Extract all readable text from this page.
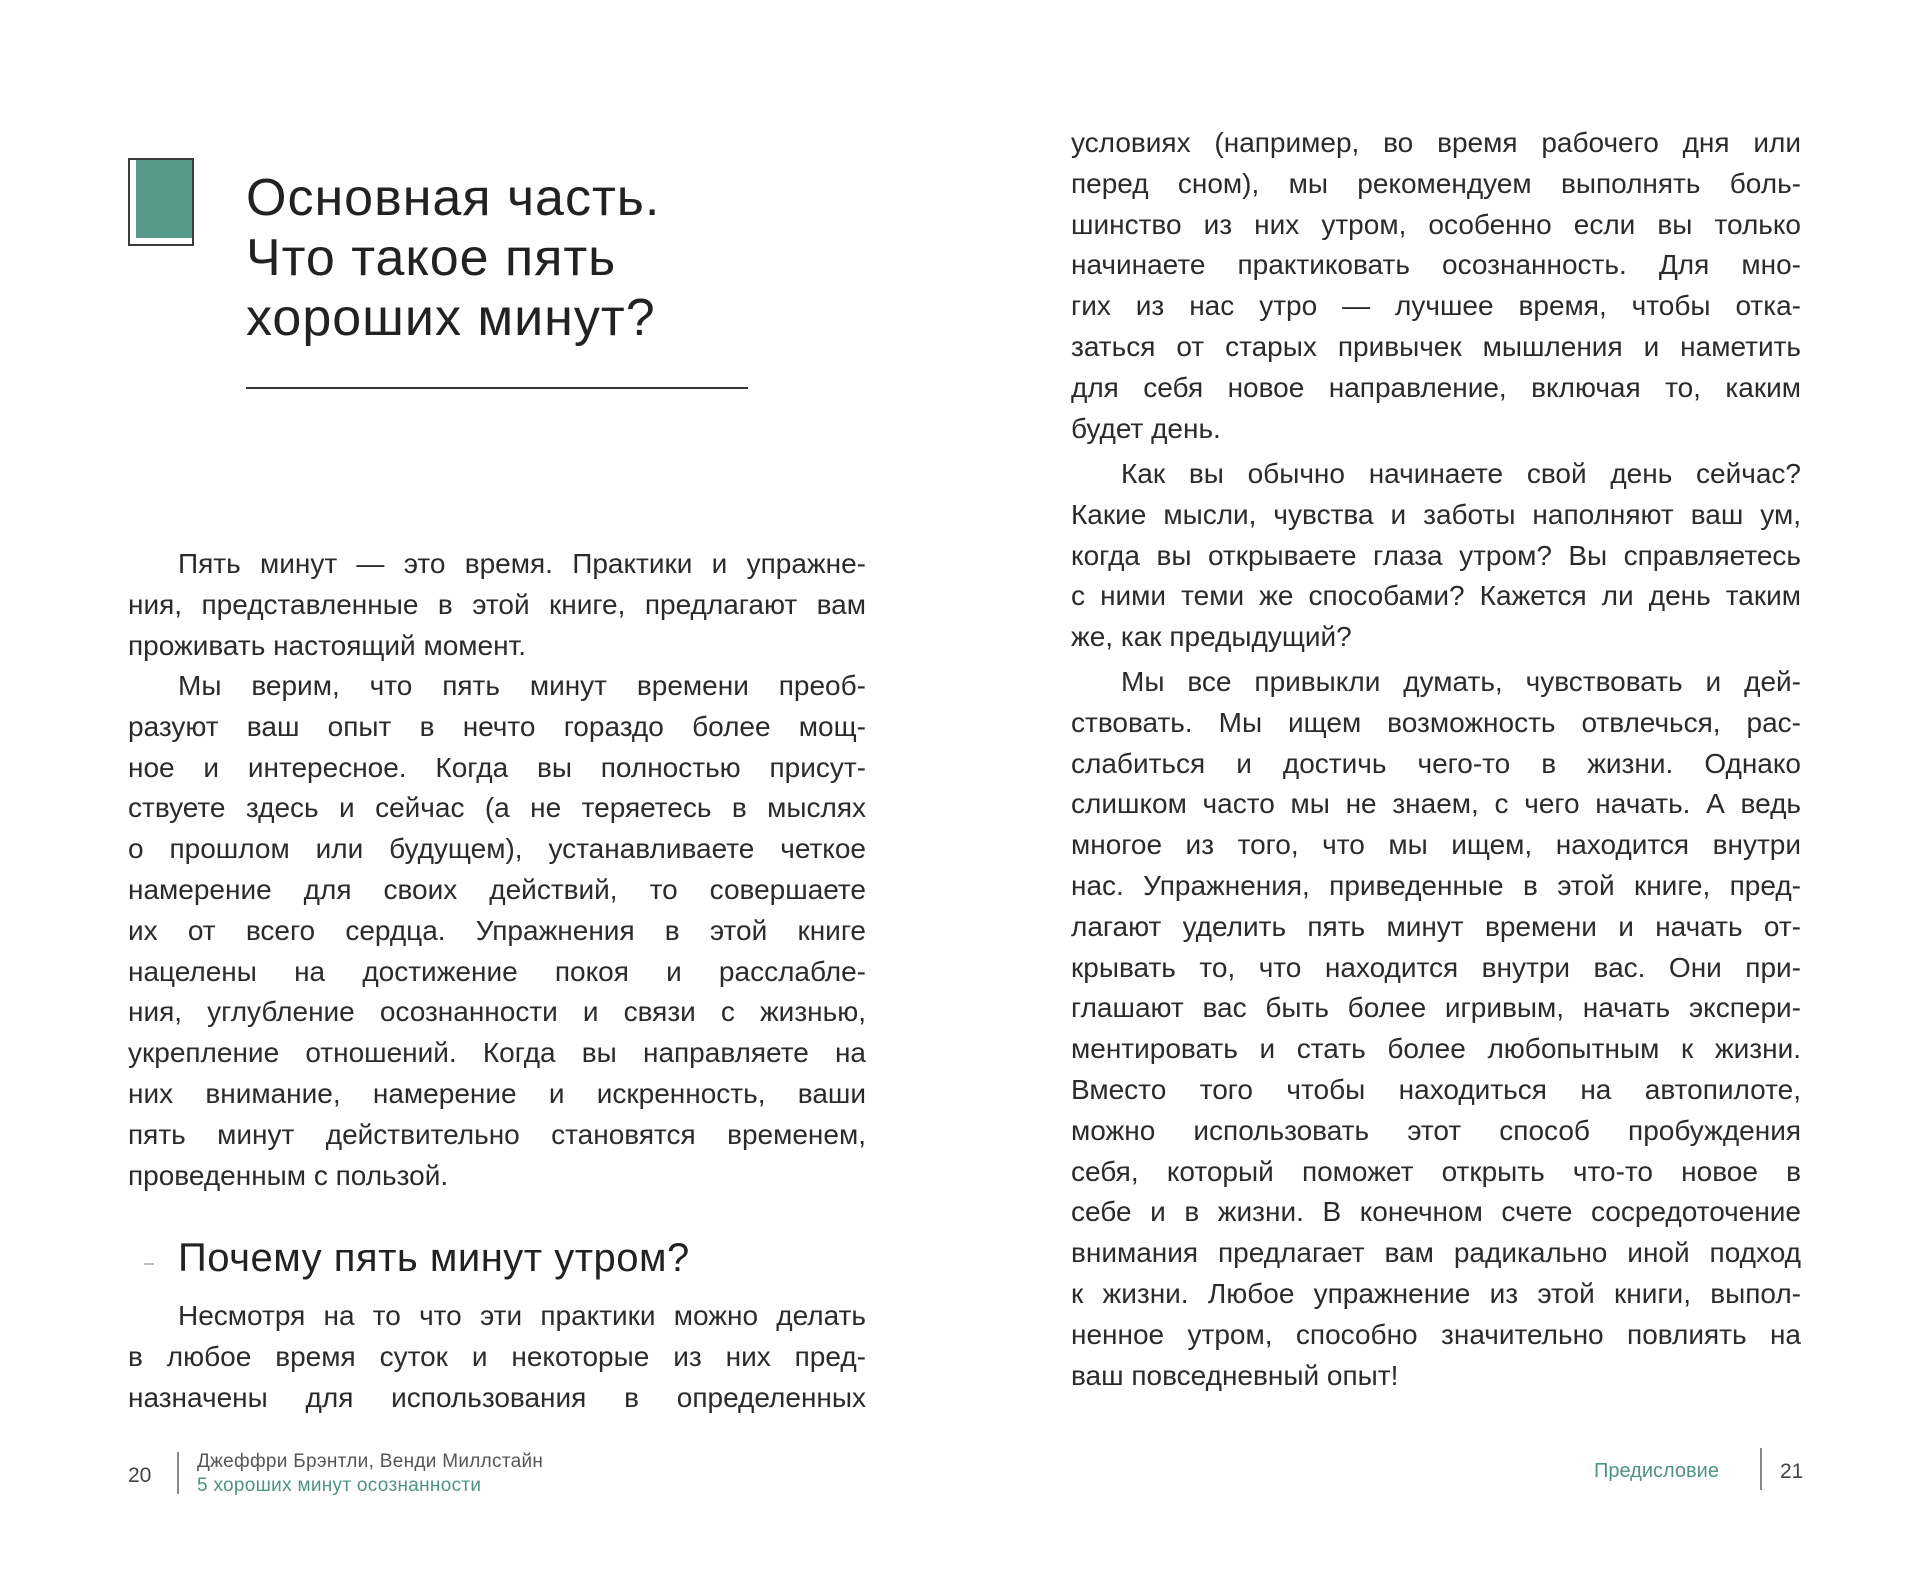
Основная часть.
Что такое пять
хороших минут?
Пять минут — это время. Практики и упражне-
ния, представленные в этой книге, предлагают вам
проживать настоящий момент.
Мы верим, что пять минут времени преоб-
разуют ваш опыт в нечто гораздо более мощ-
ное и интересное. Когда вы полностью присут-
ствуете здесь и сейчас (а не теряетесь в мыслях
о прошлом или будущем), устанавливаете четкое
намерение для своих действий, то совершаете
их от всего сердца. Упражнения в этой книге
нацелены на достижение покоя и расслабле-
ния, углубление осознанности и связи с жизнью,
укрепление отношений. Когда вы направляете на
них внимание, намерение и искренность, ваши
пять минут действительно становятся временем,
проведенным с пользой.
Почему пять минут утром?
Несмотря на то что эти практики можно делать
в любое время суток и некоторые из них пред-
назначены для использования в определенных
20
Джеффри Брэнтли, Венди Миллстайн
5 хороших минут осознанности
условиях (например, во время рабочего дня или
перед сном), мы рекомендуем выполнять боль-
шинство из них утром, особенно если вы только
начинаете практиковать осознанность. Для мно-
гих из нас утро — лучшее время, чтобы отка-
заться от старых привычек мышления и наметить
для себя новое направление, включая то, каким
будет день.
Как вы обычно начинаете свой день сейчас?
Какие мысли, чувства и заботы наполняют ваш ум,
когда вы открываете глаза утром? Вы справляетесь
с ними теми же способами? Кажется ли день таким
же, как предыдущий?
Мы все привыкли думать, чувствовать и дей-
ствовать. Мы ищем возможность отвлечься, рас-
слабиться и достичь чего-то в жизни. Однако
слишком часто мы не знаем, с чего начать. А ведь
многое из того, что мы ищем, находится внутри
нас. Упражнения, приведенные в этой книге, пред-
лагают уделить пять минут времени и начать от-
крывать то, что находится внутри вас. Они при-
глашают вас быть более игривым, начать экспери-
ментировать и стать более любопытным к жизни.
Вместо того чтобы находиться на автопилоте,
можно использовать этот способ пробуждения
себя, который поможет открыть что-то новое в
себе и в жизни. В конечном счете сосредоточение
внимания предлагает вам радикально иной подход
к жизни. Любое упражнение из этой книги, выпол-
ненное утром, способно значительно повлиять на
ваш повседневный опыт!
Предисловие	21
